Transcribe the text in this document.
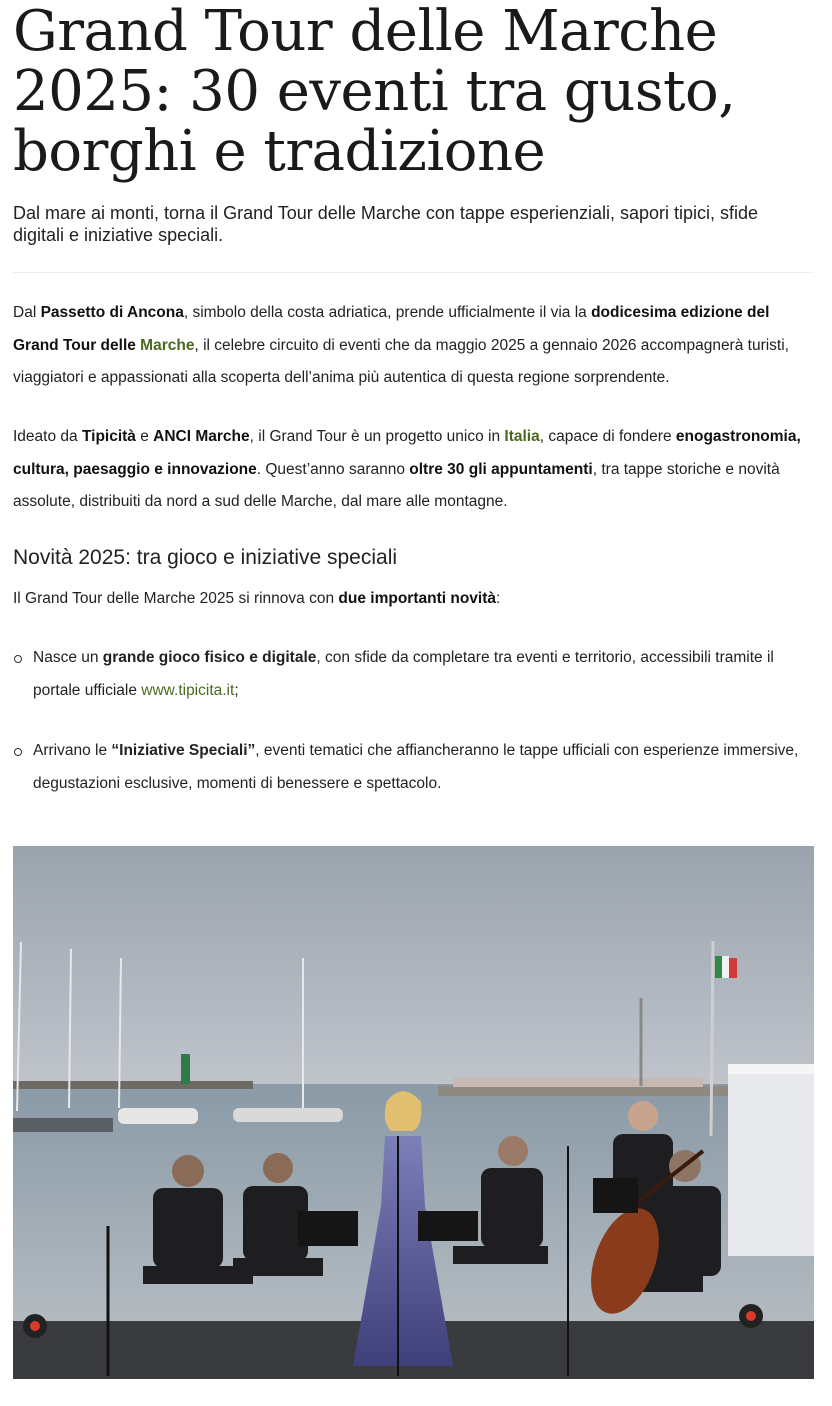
Grand Tour delle Marche 2025: 30 eventi tra gusto, borghi e tradizione
Dal mare ai monti, torna il Grand Tour delle Marche con tappe esperienziali, sapori tipici, sfide digitali e iniziative speciali.

Dal Passetto di Ancona, simbolo della costa adriatica, prende ufficialmente il via la dodicesima edizione del Grand Tour delle Marche, il celebre circuito di eventi che da maggio 2025 a gennaio 2026 accompagnerà turisti, viaggiatori e appassionati alla scoperta dell’anima più autentica di questa regione sorprendente.

Ideato da Tipicità e ANCI Marche, il Grand Tour è un progetto unico in Italia, capace di fondere enogastronomia, cultura, paesaggio e innovazione. Quest’anno saranno oltre 30 gli appuntamenti, tra tappe storiche e novità assolute, distribuiti da nord a sud delle Marche, dal mare alle montagne.

Novità 2025: tra gioco e iniziative speciali

Il Grand Tour delle Marche 2025 si rinnova con due importanti novità:

Nasce un grande gioco fisico e digitale, con sfide da completare tra eventi e territorio, accessibili tramite il portale ufficiale www.tipicita.it;
Arrivano le “Iniziative Speciali”, eventi tematici che affiancheranno le tappe ufficiali con esperienze immersive, degustazioni esclusive, momenti di benessere e spettacolo.
